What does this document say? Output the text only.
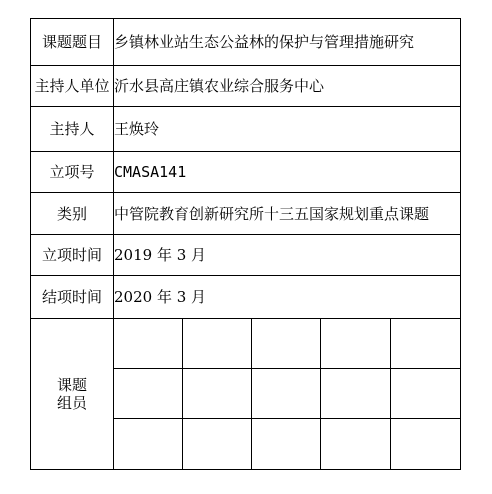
课题题目	乡镇林业站生态公益林的保护与管理措施研究				
主持人单位	沂水县高庄镇农业综合服务中心				
主持人	王焕玲				
立项号	CMASA141				
类别	中管院教育创新研究所十三五国家规划重点课题				
立项时间	2019 年 3 月				
结项时间	2020 年 3 月				

课题
组员					
